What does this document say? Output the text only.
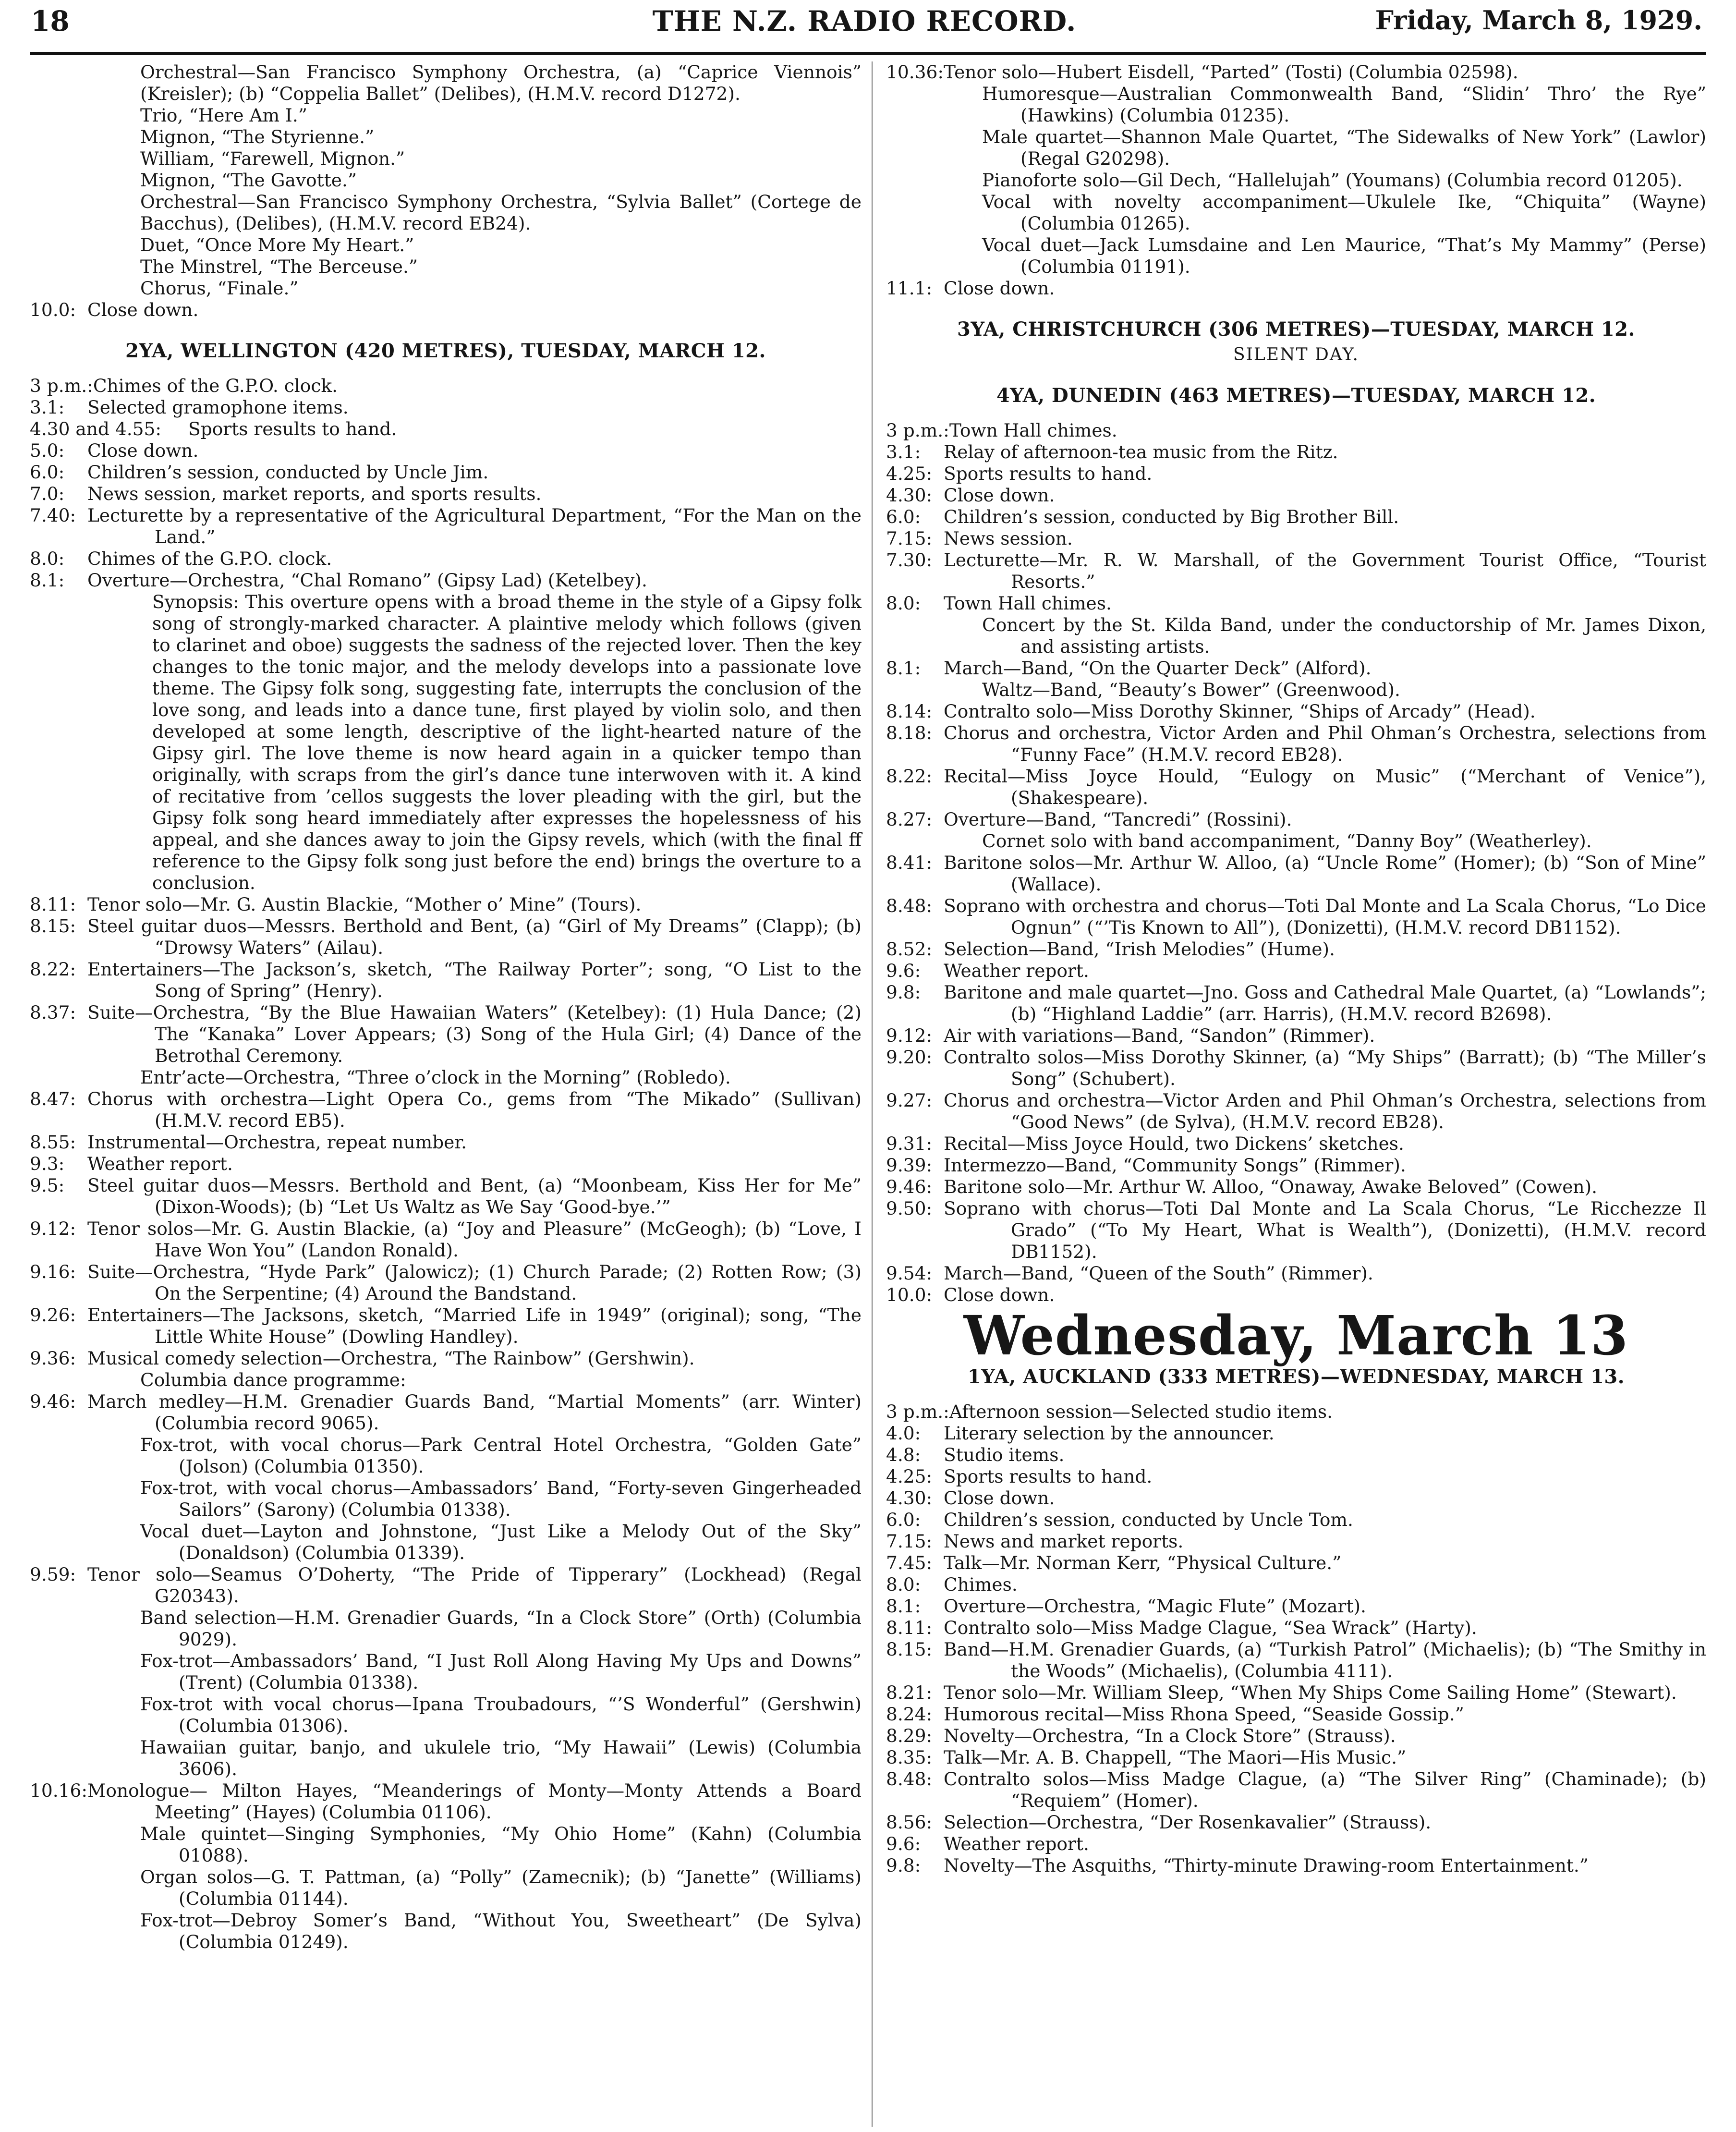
18	THE N.Z. RADIO RECORD.	Friday, March 8, 1929.
Orchestral—San Francisco Symphony Orchestra, (a) “Caprice Viennois” (Kreisler); (b) “Coppelia Ballet” (Delibes), (H.M.V. record D1272).
Trio, “Here Am I.”
Mignon, “The Styrienne.”
William, “Farewell, Mignon.”
Mignon, “The Gavotte.”
Orchestral—San Francisco Symphony Orchestra, “Sylvia Ballet” (Cortege de Bacchus), (Delibes), (H.M.V. record EB24).
Duet, “Once More My Heart.”
The Minstrel, “The Berceuse.”
Chorus, “Finale.”
10.0: Close down.
2YA, WELLINGTON (420 METRES), TUESDAY, MARCH 12.
3 p.m.: Chimes of the G.P.O. clock.
3.1:	Selected gramophone items.
4.30 and 4.55:	Sports results to hand.
5.0:	Close down.
6.0:	Children’s session, conducted by Uncle Jim.
7.0:	News session, market reports, and sports results.
7.40: Lecturette by a representative of the Agricultural Department, “For the Man on the Land.”
8.0:	Chimes of the G.P.O. clock.
8.1:	Overture—Orchestra, “Chal Romano” (Gipsy Lad) (Ketelbey).
Synopsis: This overture opens with a broad theme in the style of a Gipsy folk song of strongly-marked character. A plaintive melody which follows (given to clarinet and oboe) suggests the sadness of the rejected lover. Then the key changes to the tonic major, and the melody develops into a passionate love theme. The Gipsy folk song, suggesting fate, interrupts the conclusion of the love song, and leads into a dance tune, first played by violin solo, and then developed at some length, descriptive of the light-hearted nature of the Gipsy girl. The love theme is now heard again in a quicker tempo than originally, with scraps from the girl’s dance tune interwoven with it. A kind of recitative from ’cellos suggests the lover pleading with the girl, but the Gipsy folk song heard immediately after expresses the hopelessness of his appeal, and she dances away to join the Gipsy revels, which (with the final ff reference to the Gipsy folk song just before the end) brings the overture to a conclusion.
8.11: Tenor solo—Mr. G. Austin Blackie, “Mother o’ Mine” (Tours).
8.15: Steel guitar duos—Messrs. Berthold and Bent, (a) “Girl of My Dreams” (Clapp); (b) “Drowsy Waters” (Ailau).
8.22: Entertainers—The Jackson’s, sketch, “The Railway Porter”; song, “O List to the Song of Spring” (Henry).
8.37: Suite—Orchestra, “By the Blue Hawaiian Waters” (Ketelbey): (1) Hula Dance; (2) The “Kanaka” Lover Appears; (3) Song of the Hula Girl; (4) Dance of the Betrothal Ceremony.
Entr’acte—Orchestra, “Three o’clock in the Morning” (Robledo).
8.47: Chorus with orchestra—Light Opera Co., gems from “The Mikado” (Sullivan) (H.M.V. record EB5).
8.55: Instrumental—Orchestra, repeat number.
9.3:	Weather report.
9.5:	Steel guitar duos—Messrs. Berthold and Bent, (a) “Moonbeam, Kiss Her for Me” (Dixon-Woods); (b) “Let Us Waltz as We Say ‘Good-bye.’”
9.12: Tenor solos—Mr. G. Austin Blackie, (a) “Joy and Pleasure” (McGeogh); (b) “Love, I Have Won You” (Landon Ronald).
9.16: Suite—Orchestra, “Hyde Park” (Jalowicz); (1) Church Parade; (2) Rotten Row; (3) On the Serpentine; (4) Around the Bandstand.
9.26: Entertainers—The Jacksons, sketch, “Married Life in 1949” (original); song, “The Little White House” (Dowling Handley).
9.36: Musical comedy selection—Orchestra, “The Rainbow” (Gershwin).
Columbia dance programme:
9.46: March medley—H.M. Grenadier Guards Band, “Martial Moments” (arr. Winter) (Columbia record 9065).
Fox-trot, with vocal chorus—Park Central Hotel Orchestra, “Golden Gate” (Jolson) (Columbia 01350).
Fox-trot, with vocal chorus—Ambassadors’ Band, “Forty-seven Gingerheaded Sailors” (Sarony) (Columbia 01338).
Vocal duet—Layton and Johnstone, “Just Like a Melody Out of the Sky” (Donaldson) (Columbia 01339).
9.59: Tenor solo—Seamus O’Doherty, “The Pride of Tipperary” (Lockhead) (Regal G20343).
Band selection—H.M. Grenadier Guards, “In a Clock Store” (Orth) (Columbia 9029).
Fox-trot—Ambassadors’ Band, “I Just Roll Along Having My Ups and Downs” (Trent) (Columbia 01338).
Fox-trot with vocal chorus—Ipana Troubadours, “’S Wonderful” (Gershwin) (Columbia 01306).
Hawaiian guitar, banjo, and ukulele trio, “My Hawaii” (Lewis) (Columbia 3606).
10.16: Monologue— Milton Hayes, “Meanderings of Monty—Monty Attends a Board Meeting” (Hayes) (Columbia 01106).
Male quintet—Singing Symphonies, “My Ohio Home” (Kahn) (Columbia 01088).
Organ solos—G. T. Pattman, (a) “Polly” (Zamecnik); (b) “Janette” (Williams) (Columbia 01144).
Fox-trot—Debroy Somer’s Band, “Without You, Sweetheart” (De Sylva) (Columbia 01249).
10.36: Tenor solo—Hubert Eisdell, “Parted” (Tosti) (Columbia 02598).
Humoresque—Australian Commonwealth Band, “Slidin’ Thro’ the Rye” (Hawkins) (Columbia 01235).
Male quartet—Shannon Male Quartet, “The Sidewalks of New York” (Lawlor) (Regal G20298).
Pianoforte solo—Gil Dech, “Hallelujah” (Youmans) (Columbia record 01205).
Vocal with novelty accompaniment—Ukulele Ike, “Chiquita” (Wayne) (Columbia 01265).
Vocal duet—Jack Lumsdaine and Len Maurice, “That’s My Mammy” (Perse) (Columbia 01191).
11.1: Close down.
3YA, CHRISTCHURCH (306 METRES)—TUESDAY, MARCH 12.
SILENT DAY.
4YA, DUNEDIN (463 METRES)—TUESDAY, MARCH 12.
3 p.m.: Town Hall chimes.
3.1:	Relay of afternoon-tea music from the Ritz.
4.25: Sports results to hand.
4.30: Close down.
6.0:	Children’s session, conducted by Big Brother Bill.
7.15: News session.
7.30: Lecturette—Mr. R. W. Marshall, of the Government Tourist Office, “Tourist Resorts.”
8.0:	Town Hall chimes.
Concert by the St. Kilda Band, under the conductorship of Mr. James Dixon, and assisting artists.
8.1:	March—Band, “On the Quarter Deck” (Alford).
Waltz—Band, “Beauty’s Bower” (Greenwood).
8.14: Contralto solo—Miss Dorothy Skinner, “Ships of Arcady” (Head).
8.18: Chorus and orchestra, Victor Arden and Phil Ohman’s Orchestra, selections from “Funny Face” (H.M.V. record EB28).
8.22: Recital—Miss Joyce Hould, “Eulogy on Music” (“Merchant of Venice”), (Shakespeare).
8.27: Overture—Band, “Tancredi” (Rossini).
Cornet solo with band accompaniment, “Danny Boy” (Weatherley).
8.41: Baritone solos—Mr. Arthur W. Alloo, (a) “Uncle Rome” (Homer); (b) “Son of Mine” (Wallace).
8.48: Soprano with orchestra and chorus—Toti Dal Monte and La Scala Chorus, “Lo Dice Ognun” (“’Tis Known to All”), (Donizetti), (H.M.V. record DB1152).
8.52: Selection—Band, “Irish Melodies” (Hume).
9.6:	Weather report.
9.8:	Baritone and male quartet—Jno. Goss and Cathedral Male Quartet, (a) “Lowlands”; (b) “Highland Laddie” (arr. Harris), (H.M.V. record B2698).
9.12: Air with variations—Band, “Sandon” (Rimmer).
9.20: Contralto solos—Miss Dorothy Skinner, (a) “My Ships” (Barratt); (b) “The Miller’s Song” (Schubert).
9.27: Chorus and orchestra—Victor Arden and Phil Ohman’s Orchestra, selections from “Good News” (de Sylva), (H.M.V. record EB28).
9.31: Recital—Miss Joyce Hould, two Dickens’ sketches.
9.39: Intermezzo—Band, “Community Songs” (Rimmer).
9.46: Baritone solo—Mr. Arthur W. Alloo, “Onaway, Awake Beloved” (Cowen).
9.50: Soprano with chorus—Toti Dal Monte and La Scala Chorus, “Le Ricchezze Il Grado” (“To My Heart, What is Wealth”), (Donizetti), (H.M.V. record DB1152).
9.54: March—Band, “Queen of the South” (Rimmer).
10.0: Close down.
Wednesday, March 13
1YA, AUCKLAND (333 METRES)—WEDNESDAY, MARCH 13.
3 p.m.: Afternoon session—Selected studio items.
4.0:	Literary selection by the announcer.
4.8:	Studio items.
4.25: Sports results to hand.
4.30: Close down.
6.0:	Children’s session, conducted by Uncle Tom.
7.15: News and market reports.
7.45: Talk—Mr. Norman Kerr, “Physical Culture.”
8.0:	Chimes.
8.1:	Overture—Orchestra, “Magic Flute” (Mozart).
8.11: Contralto solo—Miss Madge Clague, “Sea Wrack” (Harty).
8.15: Band—H.M. Grenadier Guards, (a) “Turkish Patrol” (Michaelis); (b) “The Smithy in the Woods” (Michaelis), (Columbia 4111).
8.21: Tenor solo—Mr. William Sleep, “When My Ships Come Sailing Home” (Stewart).
8.24: Humorous recital—Miss Rhona Speed, “Seaside Gossip.”
8.29: Novelty—Orchestra, “In a Clock Store” (Strauss).
8.35: Talk—Mr. A. B. Chappell, “The Maori—His Music.”
8.48: Contralto solos—Miss Madge Clague, (a) “The Silver Ring” (Chaminade); (b) “Requiem” (Homer).
8.56: Selection—Orchestra, “Der Rosenkavalier” (Strauss).
9.6:	Weather report.
9.8:	Novelty—The Asquiths, “Thirty-minute Drawing-room Entertainment.”
